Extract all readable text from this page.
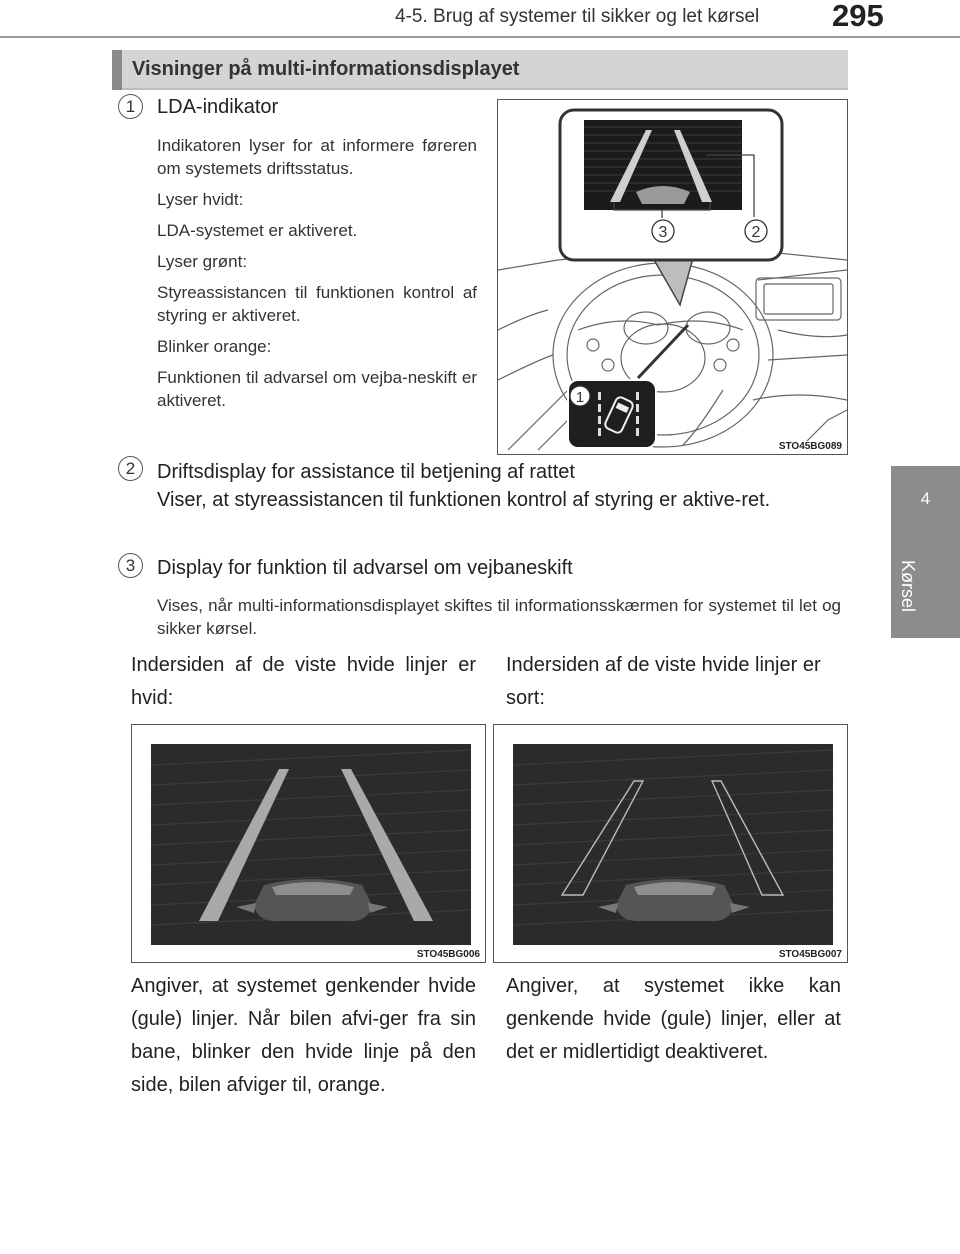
4-5. Brug af systemer til sikker og let kørsel 295
4
Kørsel
Visninger på multi-informationsdisplayet
1	LDA-indikator
Indikatoren lyser for at informere føreren om systemets driftsstatus.
Lyser hvidt:
LDA-systemet er aktiveret.
Lyser grønt:
Styreassistancen til funktionen kontrol af styring er aktiveret.
Blinker orange:
Funktionen til advarsel om vejba-neskift er aktiveret.
3	2
1
STO45BG089
2	Driftsdisplay for assistance til betjening af rattet
Viser, at styreassistancen til funktionen kontrol af styring er aktive-ret.
3	Display for funktion til advarsel om vejbaneskift
Vises, når multi-informationsdisplayet skiftes til informationsskærmen for systemet til let og sikker kørsel.
Indersiden af de viste hvide linjer er hvid:
Indersiden af de viste hvide linjer er sort:
STO45BG006	STO45BG007
Angiver, at systemet genkender hvide (gule) linjer. Når bilen afvi-ger fra sin bane, blinker den hvide linje på den side, bilen afviger til, orange.
Angiver, at systemet ikke kan genkende hvide (gule) linjer, eller at det er midlertidigt deaktiveret.
